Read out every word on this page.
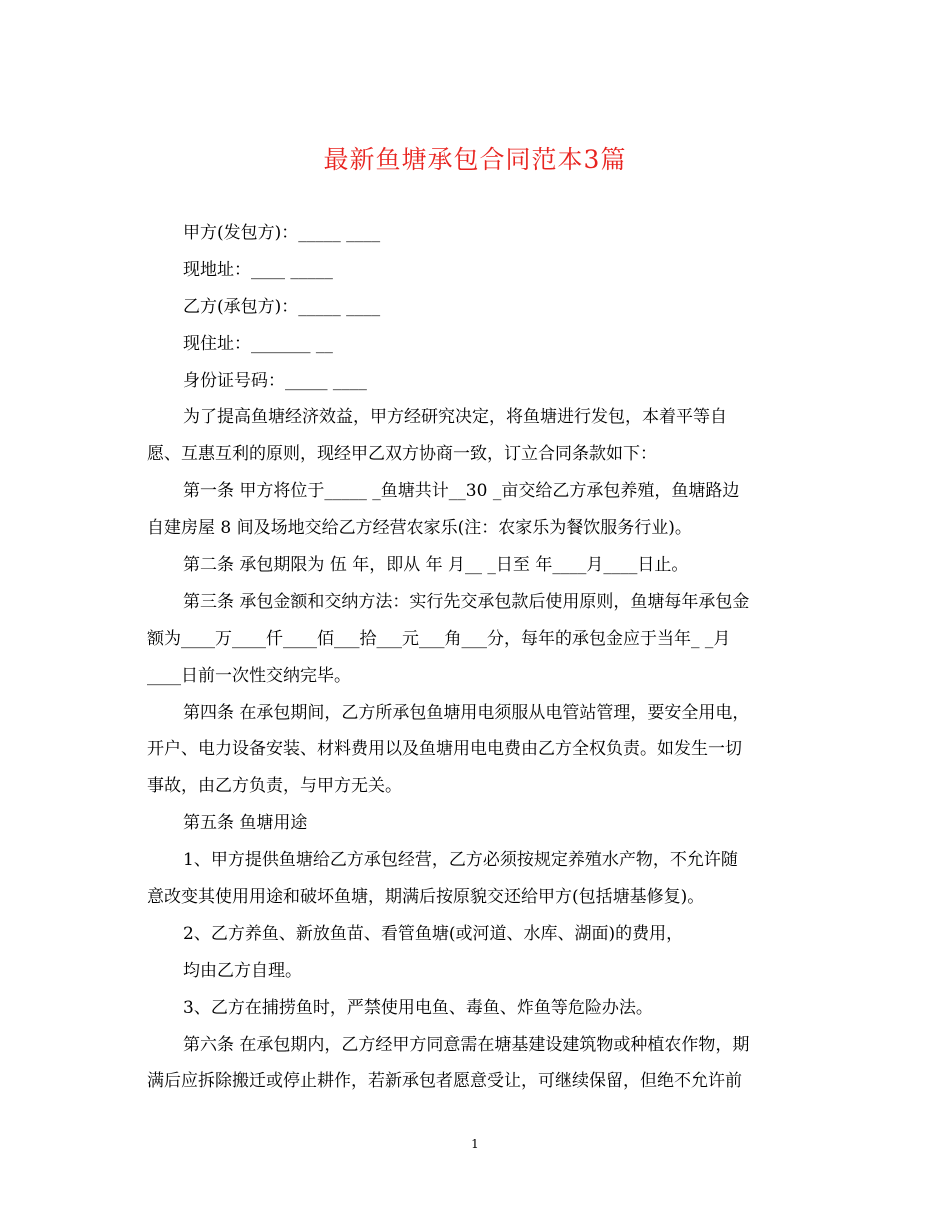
最新鱼塘承包合同范本3篇
甲方(发包方)：_____ ____
现地址：____ _____
乙方(承包方)：_____ ____
现住址：_______ __
身份证号码：_____ ____
为了提高鱼塘经济效益，甲方经研究决定，将鱼塘进行发包，本着平等自
愿、互惠互利的原则，现经甲乙双方协商一致，订立合同条款如下：
第一条 甲方将位于_____ _鱼塘共计__30 _亩交给乙方承包养殖，鱼塘路边
自建房屋 8 间及场地交给乙方经营农家乐(注：农家乐为餐饮服务行业)。
第二条 承包期限为 伍 年，即从 年 月__ _日至 年____月____日止。
第三条 承包金额和交纳方法：实行先交承包款后使用原则，鱼塘每年承包金
额为____万____仟____佰___拾___元___角___分，每年的承包金应于当年_ _月
____日前一次性交纳完毕。
第四条 在承包期间，乙方所承包鱼塘用电须服从电管站管理，要安全用电，
开户、电力设备安装、材料费用以及鱼塘用电电费由乙方全权负责。如发生一切
事故，由乙方负责，与甲方无关。
第五条 鱼塘用途
1、甲方提供鱼塘给乙方承包经营，乙方必须按规定养殖水产物，不允许随
意改变其使用用途和破坏鱼塘，期满后按原貌交还给甲方(包括塘基修复)。
2、乙方养鱼、新放鱼苗、看管鱼塘(或河道、水库、湖面)的费用，
均由乙方自理。
3、乙方在捕捞鱼时，严禁使用电鱼、毒鱼、炸鱼等危险办法。
第六条 在承包期内，乙方经甲方同意需在塘基建设建筑物或种植农作物，期
满后应拆除搬迁或停止耕作，若新承包者愿意受让，可继续保留，但绝不允许前
1
